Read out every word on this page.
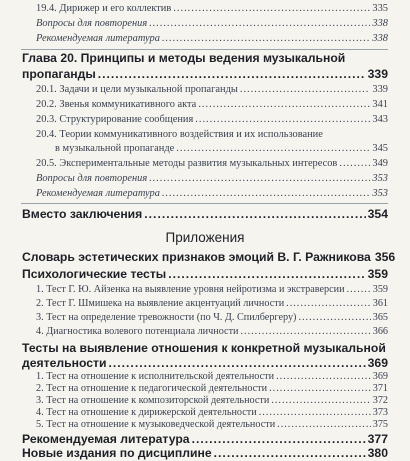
19.4. Дирижер и его коллектив .....	335
Вопросы для повторения .....	338
Рекомендуемая литература .....	338
Глава 20. Принципы и методы ведения музыкальной
пропаганды .....	339
20.1. Задачи и цели музыкальной пропаганды .....	339
20.2. Звенья коммуникативного акта .....	341
20.3. Структурирование сообщения .....	343
20.4. Теории коммуникативного воздействия и их использование
в музыкальной пропаганде .....	345
20.5. Экспериментальные методы развития музыкальных интересов .....	349
Вопросы для повторения .....	353
Рекомендуемая литература .....	353
Вместо заключения .....	354
Приложения
Словарь эстетических признаков эмоций В. Г. Ражникова 356
Психологические тесты .....	359
1. Тест Г. Ю. Айзенка на выявление уровня нейротизма и экстраверсии .....	359
2. Тест Г. Шмишека на выявление акцентуаций личности .....	361
3. Тест на определение тревожности (по Ч. Д. Спилбергеру) .....	365
4. Диагностика волевого потенциала личности .....	366
Тесты на выявление отношения к конкретной музыкальной
деятельности .....	369
1. Тест на отношение к исполнительской деятельности .....	369
2. Тест на отношение к педагогической деятельности .....	371
3. Тест на отношение к композиторской деятельности .....	372
4. Тест на отношение к дирижерской деятельности .....	373
5. Тест на отношение к музыковедческой деятельности .....	375
Рекомендуемая литература .....	377
Новые издания по дисциплине .....	380
